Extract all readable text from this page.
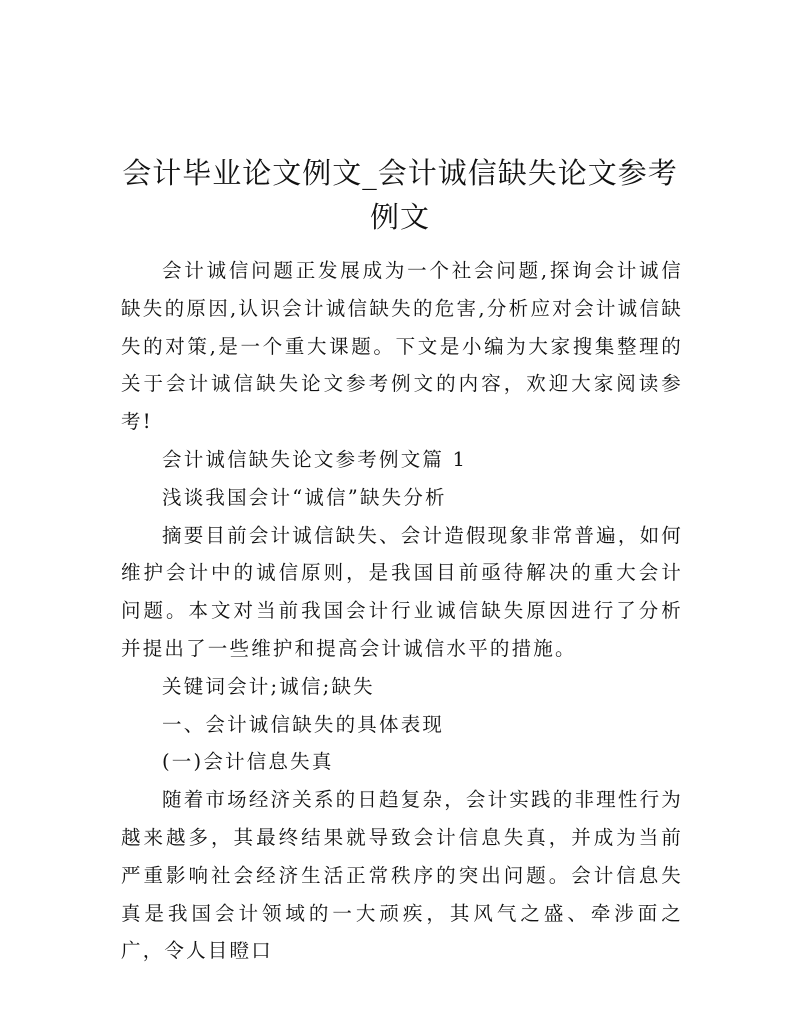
会计毕业论文例文_会计诚信缺失论文参考例文

会计诚信问题正发展成为一个社会问题,探询会计诚信缺失的原因,认识会计诚信缺失的危害,分析应对会计诚信缺失的对策,是一个重大课题。下文是小编为大家搜集整理的关于会计诚信缺失论文参考例文的内容，欢迎大家阅读参考!

会计诚信缺失论文参考例文篇 1

浅谈我国会计“诚信”缺失分析

摘要目前会计诚信缺失、会计造假现象非常普遍，如何维护会计中的诚信原则，是我国目前亟待解决的重大会计问题。本文对当前我国会计行业诚信缺失原因进行了分析并提出了一些维护和提高会计诚信水平的措施。

关键词会计;诚信;缺失

一、会计诚信缺失的具体表现

(一)会计信息失真

随着市场经济关系的日趋复杂，会计实践的非理性行为越来越多，其最终结果就导致会计信息失真，并成为当前严重影响社会经济生活正常秩序的突出问题。会计信息失真是我国会计领域的一大顽疾，其风气之盛、牵涉面之广，令人目瞪口
